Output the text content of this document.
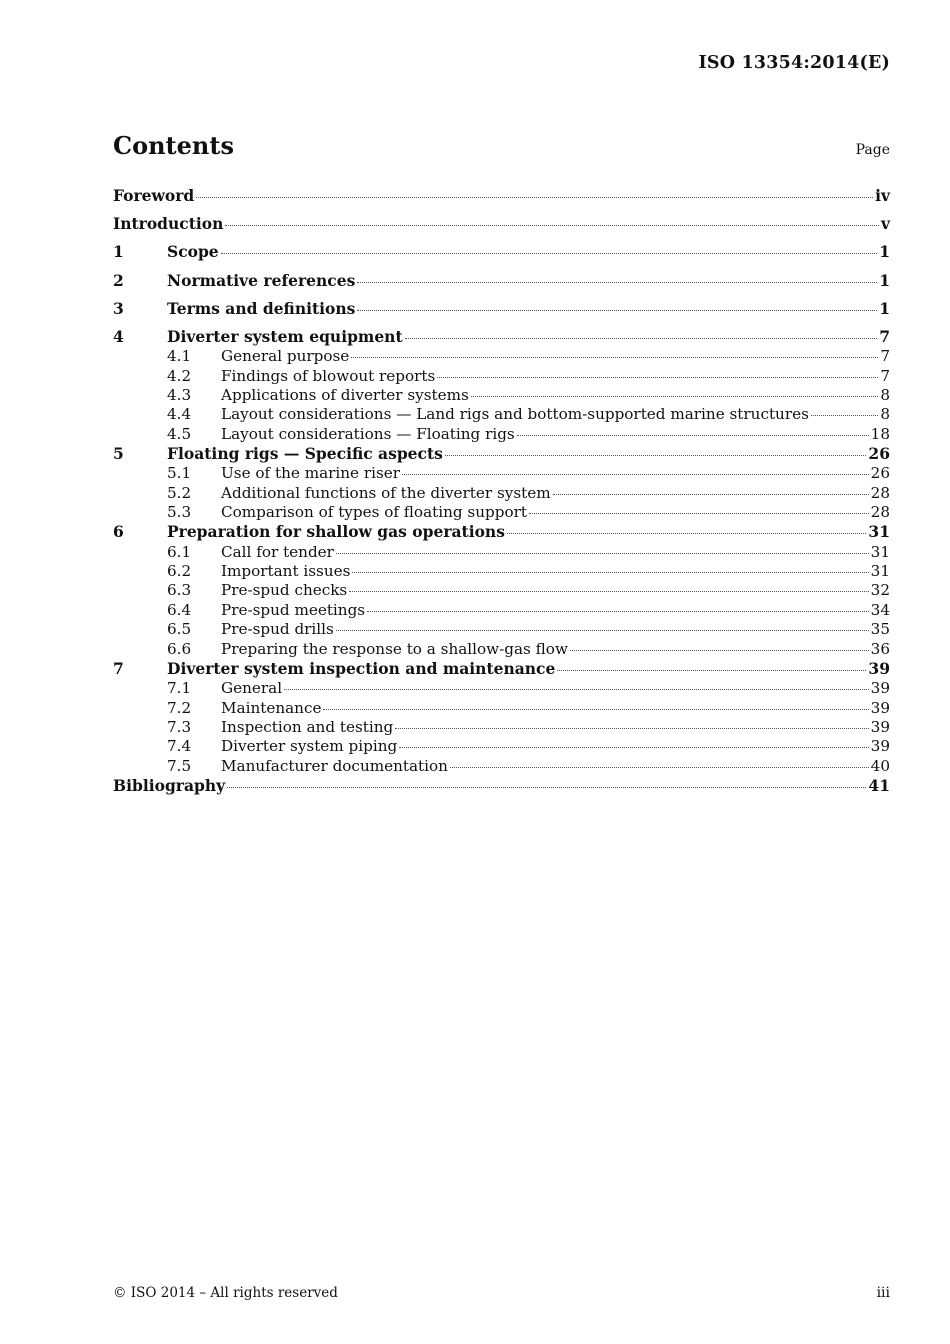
ISO 13354:2014(E)
Contents	Page
Foreword	iv
Introduction	v
1	Scope	1
2	Normative references	1
3	Terms and definitions	1
4	Diverter system equipment	7
4.1	General purpose	7
4.2	Findings of blowout reports	7
4.3	Applications of diverter systems	8
4.4	Layout considerations — Land rigs and bottom-supported marine structures	8
4.5	Layout considerations — Floating rigs	18
5	Floating rigs — Specific aspects	26
5.1	Use of the marine riser	26
5.2	Additional functions of the diverter system	28
5.3	Comparison of types of floating support	28
6	Preparation for shallow gas operations	31
6.1	Call for tender	31
6.2	Important issues	31
6.3	Pre-spud checks	32
6.4	Pre-spud meetings	34
6.5	Pre-spud drills	35
6.6	Preparing the response to a shallow-gas flow	36
7	Diverter system inspection and maintenance	39
7.1	General	39
7.2	Maintenance	39
7.3	Inspection and testing	39
7.4	Diverter system piping	39
7.5	Manufacturer documentation	40
Bibliography	41
© ISO 2014 – All rights reserved	iii
